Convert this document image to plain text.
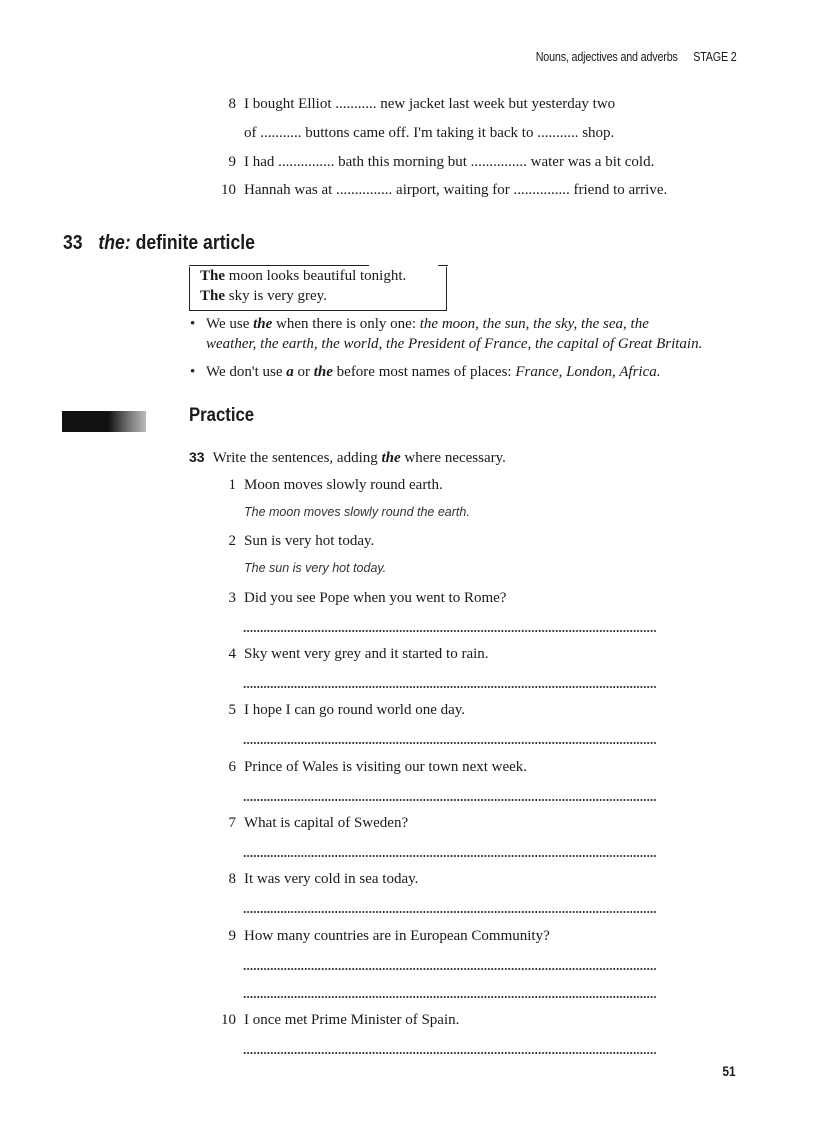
Nouns, adjectives and adverbs STAGE 2
8 I bought Elliot ........... new jacket last week but yesterday two
of ........... buttons came off. I'm taking it back to ........... shop.
9 I had ............... bath this morning but ............... water was a bit cold.
10 Hannah was at ............... airport, waiting for ............... friend to arrive.
33 the: definite article
The moon looks beautiful tonight.
The sky is very grey.
• We use the when there is only one: the moon, the sun, the sky, the sea, the
weather, the earth, the world, the President of France, the capital of Great Britain.
• We don't use a or the before most names of places: France, London, Africa.
Practice
33 Write the sentences, adding the where necessary.
1 Moon moves slowly round earth.
The moon moves slowly round the earth.
2 Sun is very hot today.
The sun is very hot today.
3 Did you see Pope when you went to Rome?
4 Sky went very grey and it started to rain.
5 I hope I can go round world one day.
6 Prince of Wales is visiting our town next week.
7 What is capital of Sweden?
8 It was very cold in sea today.
9 How many countries are in European Community?
10 I once met Prime Minister of Spain.
51
